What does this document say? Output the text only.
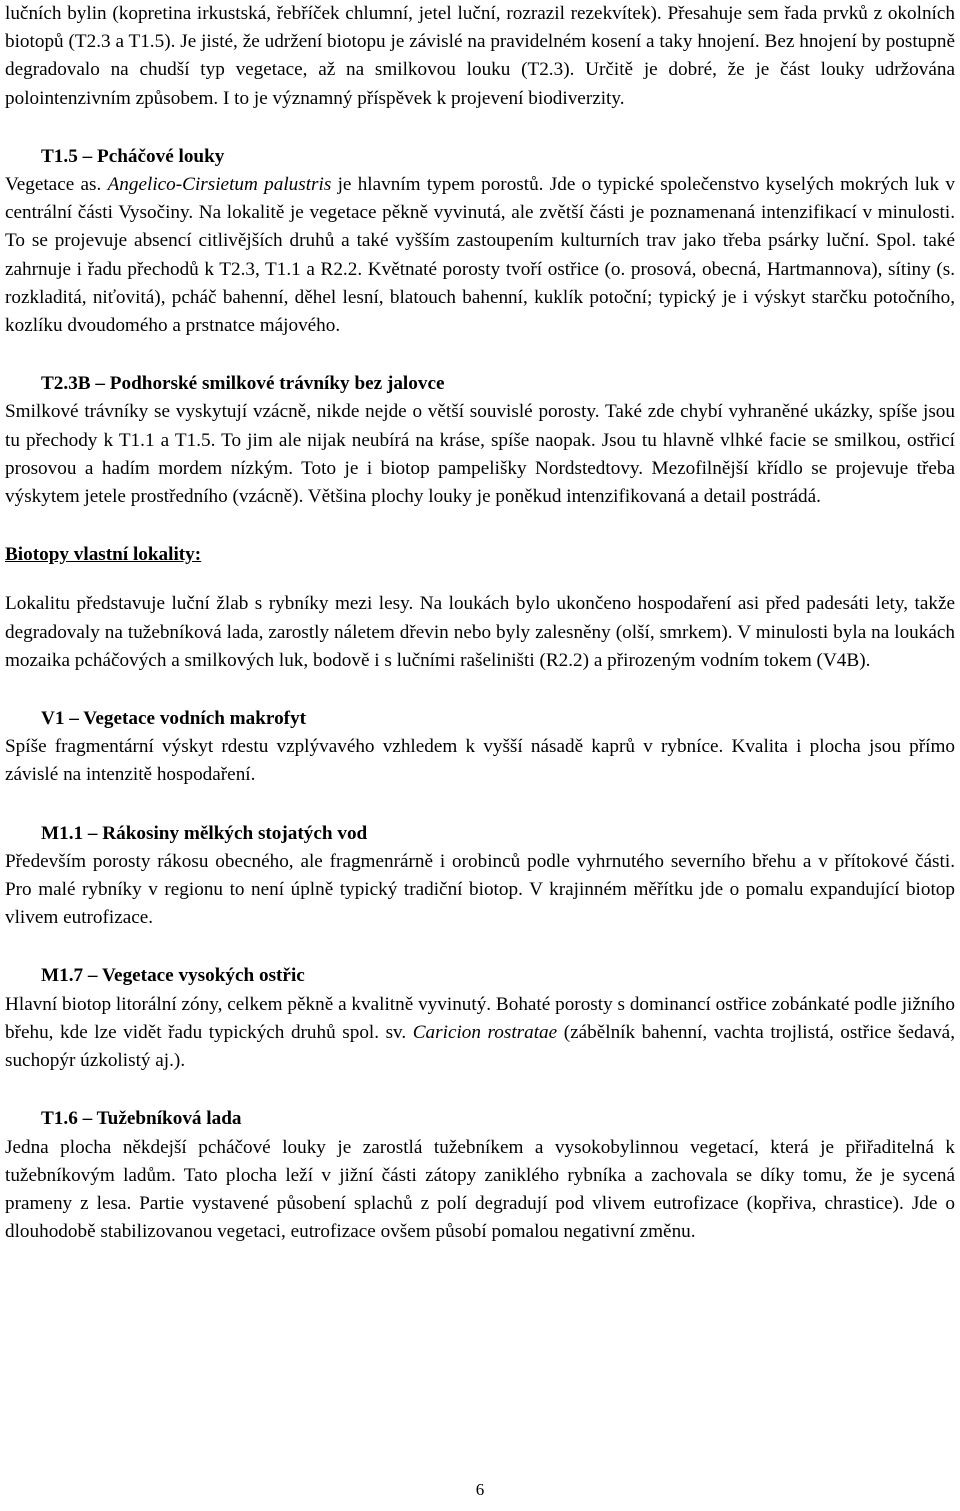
lučních bylin (kopretina irkustská, řebříček chlumní, jetel luční, rozrazil rezekvítek). Přesahuje sem řada prvků z okolních biotopů (T2.3 a T1.5). Je jisté, že udržení biotopu je závislé na pravidelném kosení a taky hnojení. Bez hnojení by postupně degradovalo na chudší typ vegetace, až na smilkovou louku (T2.3). Určitě je dobré, že je část louky udržována polointenzivním způsobem. I to je významný příspěvek k projevení biodiverzity.

T1.5 – Pcháčové louky

Vegetace as. Angelico-Cirsietum palustris je hlavním typem porostů. Jde o typické společenstvo kyselých mokrých luk v centrální části Vysočiny. Na lokalitě je vegetace pěkně vyvinutá, ale zvětší části je poznamenaná intenzifikací v minulosti. To se projevuje absencí citlivějších druhů a také vyšším zastoupením kulturních trav jako třeba psárky luční. Spol. také zahrnuje i řadu přechodů k T2.3, T1.1 a R2.2. Květnaté porosty tvoří ostřice (o. prosová, obecná, Hartmannova), sítiny (s. rozkladitá, niťovitá), pcháč bahenní, děhel lesní, blatouch bahenní, kuklík potoční; typický je i výskyt starčku potočního, kozlíku dvoudomého a prstnatce májového.

T2.3B – Podhorské smilkové trávníky bez jalovce

Smilkové trávníky se vyskytují vzácně, nikde nejde o větší souvislé porosty. Také zde chybí vyhraněné ukázky, spíše jsou tu přechody k T1.1 a T1.5. To jim ale nijak neubírá na kráse, spíše naopak. Jsou tu hlavně vlhké facie se smilkou, ostřicí prosovou a hadím mordem nízkým. Toto je i biotop pampelišky Nordstedtovy. Mezofilnější křídlo se projevuje třeba výskytem jetele prostředního (vzácně). Většina plochy louky je poněkud intenzifikovaná a detail postrádá.

Biotopy vlastní lokality:

Lokalitu představuje luční žlab s rybníky mezi lesy. Na loukách bylo ukončeno hospodaření asi před padesáti lety, takže degradovaly na tužebníková lada, zarostly náletem dřevin nebo byly zalesněny (olší, smrkem). V minulosti byla na loukách mozaika pcháčových a smilkových luk, bodově i s lučními rašeliništi (R2.2) a přirozeným vodním tokem (V4B).

V1 – Vegetace vodních makrofyt

Spíše fragmentární výskyt rdestu vzplývavého vzhledem k vyšší násadě kaprů v rybníce. Kvalita i plocha jsou přímo závislé na intenzitě hospodaření.

M1.1 – Rákosiny mělkých stojatých vod

Především porosty rákosu obecného, ale fragmenrárně i orobinců podle vyhrnutého severního břehu a v přítokové části. Pro malé rybníky v regionu to není úplně typický tradiční biotop. V krajinném měřítku jde o pomalu expandující biotop vlivem eutrofizace.

M1.7 – Vegetace vysokých ostřic

Hlavní biotop litorální zóny, celkem pěkně a kvalitně vyvinutý. Bohaté porosty s dominancí ostřice zobánkaté podle jižního břehu, kde lze vidět řadu typických druhů spol. sv. Caricion rostratae (zábělník bahenní, vachta trojlistá, ostřice šedavá, suchopýr úzkolistý aj.).

T1.6 – Tužebníková lada

Jedna plocha někdejší pcháčové louky je zarostlá tužebníkem a vysokobylinnou vegetací, která je přiřaditelná k tužebníkovým ladům. Tato plocha leží v jižní části zátopy zaniklého rybníka a zachovala se díky tomu, že je sycená prameny z lesa. Partie vystavené působení splachů z polí degradují pod vlivem eutrofizace (kopřiva, chrastice). Jde o dlouhodobě stabilizovanou vegetaci, eutrofizace ovšem působí pomalou negativní změnu.

6
